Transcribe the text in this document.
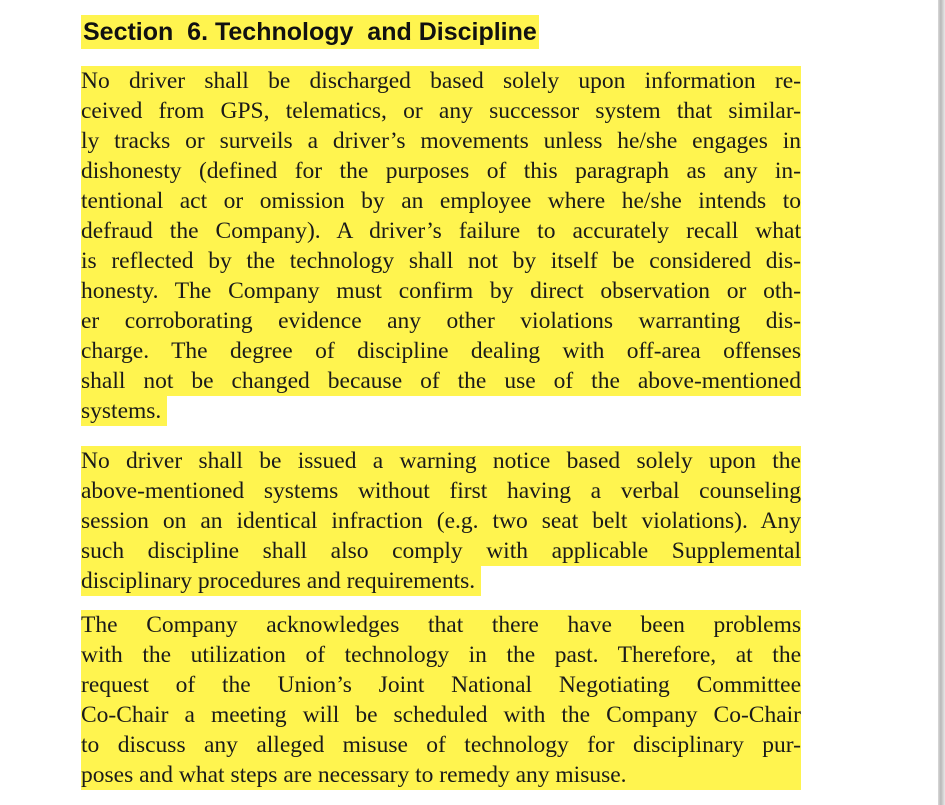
Section  6. Technology  and Discipline
No driver shall be discharged based solely upon information re-
ceived from GPS, telematics, or any successor system that similar-
ly tracks or surveils a driver’s movements unless he/she engages in
dishonesty (defined for the purposes of this paragraph as any in-
tentional act or omission by an employee where he/she intends to
defraud the Company). A driver’s failure to accurately recall what
is reflected by the technology shall not by itself be considered dis-
honesty. The Company must confirm by direct observation or oth-
er corroborating evidence any other violations warranting dis-
charge. The degree of discipline dealing with off-area offenses
shall not be changed because of the use of the above-mentioned
systems.
No driver shall be issued a warning notice based solely upon the
above-mentioned systems without first having a verbal counseling
session on an identical infraction (e.g. two seat belt violations). Any
such discipline shall also comply with applicable Supplemental
disciplinary procedures and requirements.
The Company acknowledges that there have been problems
with the utilization of technology in the past. Therefore, at the
request of the Union’s Joint National Negotiating Committee
Co-Chair a meeting will be scheduled with the Company Co-Chair
to discuss any alleged misuse of technology for disciplinary pur-
poses and what steps are necessary to remedy any misuse.
